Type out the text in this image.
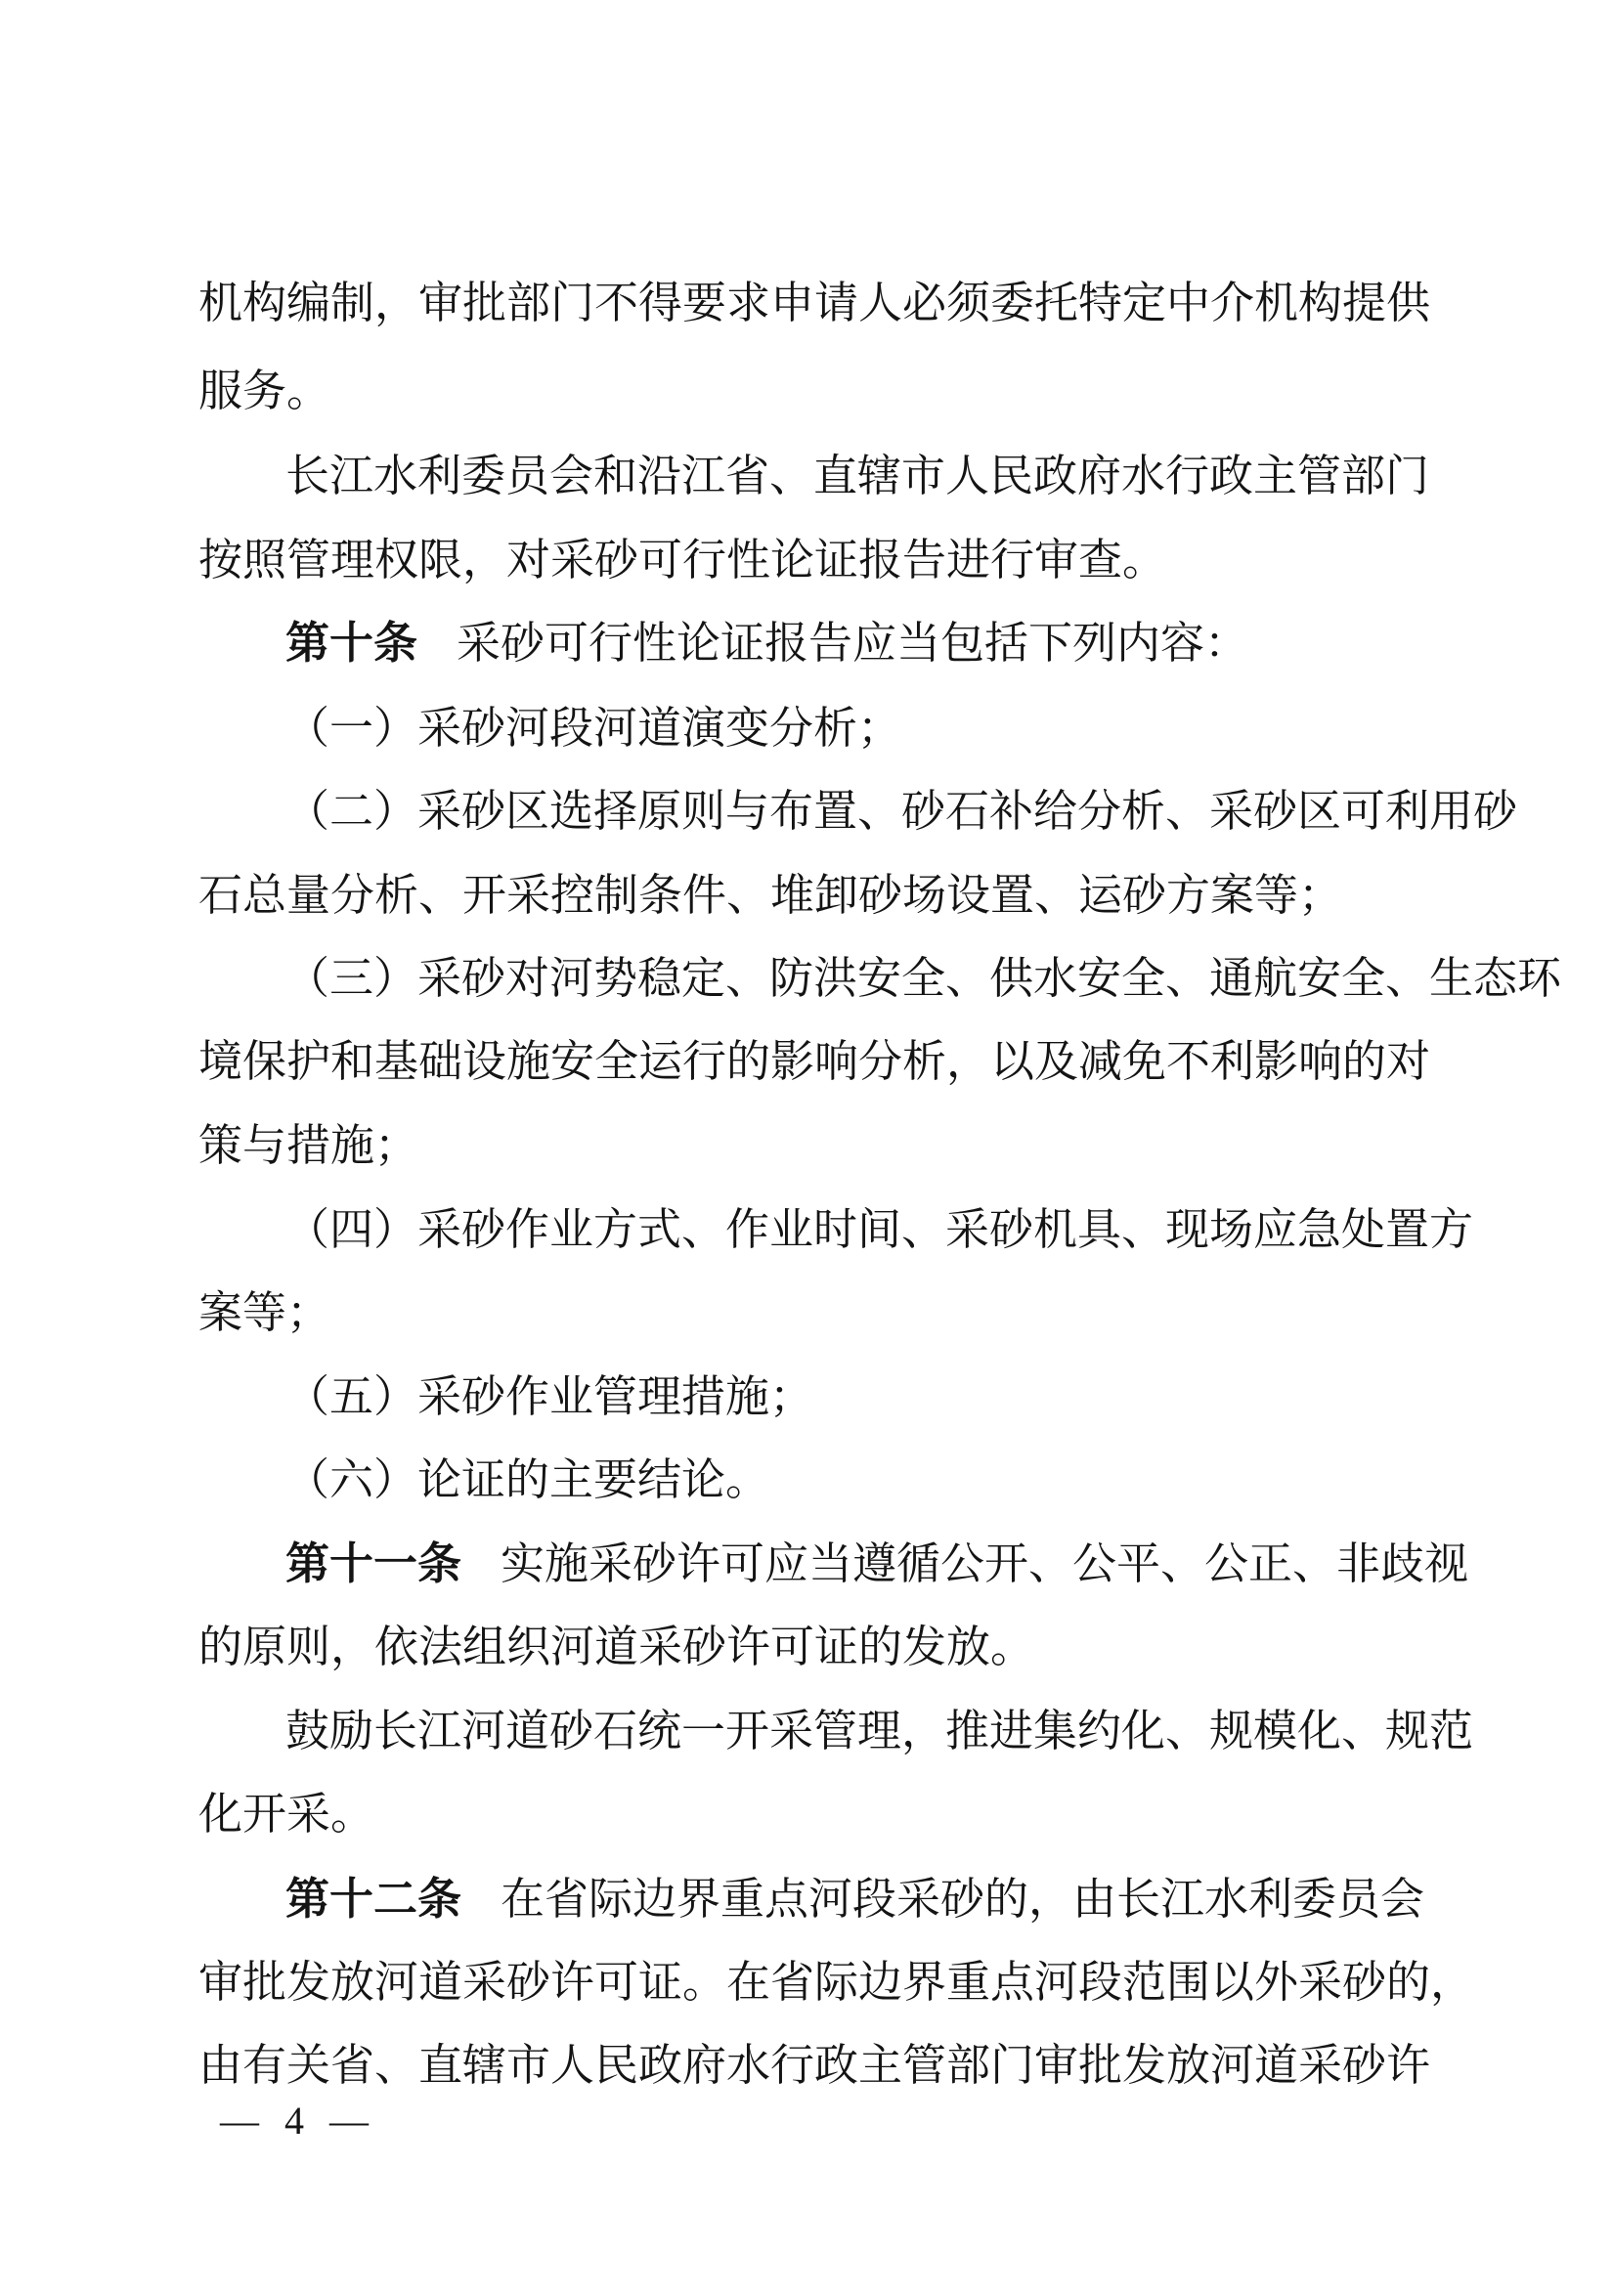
机构编制，审批部门不得要求申请人必须委托特定中介机构提供
服务。
长江水利委员会和沿江省、直辖市人民政府水行政主管部门
按照管理权限，对采砂可行性论证报告进行审查。
第十条 采砂可行性论证报告应当包括下列内容：
（一）采砂河段河道演变分析；
（二）采砂区选择原则与布置、砂石补给分析、采砂区可利用砂
石总量分析、开采控制条件、堆卸砂场设置、运砂方案等；
（三）采砂对河势稳定、防洪安全、供水安全、通航安全、生态环
境保护和基础设施安全运行的影响分析，以及减免不利影响的对
策与措施；
（四）采砂作业方式、作业时间、采砂机具、现场应急处置方
案等；
（五）采砂作业管理措施；
（六）论证的主要结论。
第十一条 实施采砂许可应当遵循公开、公平、公正、非歧视
的原则，依法组织河道采砂许可证的发放。
鼓励长江河道砂石统一开采管理，推进集约化、规模化、规范
化开采。
第十二条 在省际边界重点河段采砂的，由长江水利委员会
审批发放河道采砂许可证。在省际边界重点河段范围以外采砂的，
由有关省、直辖市人民政府水行政主管部门审批发放河道采砂许
— 4 —
